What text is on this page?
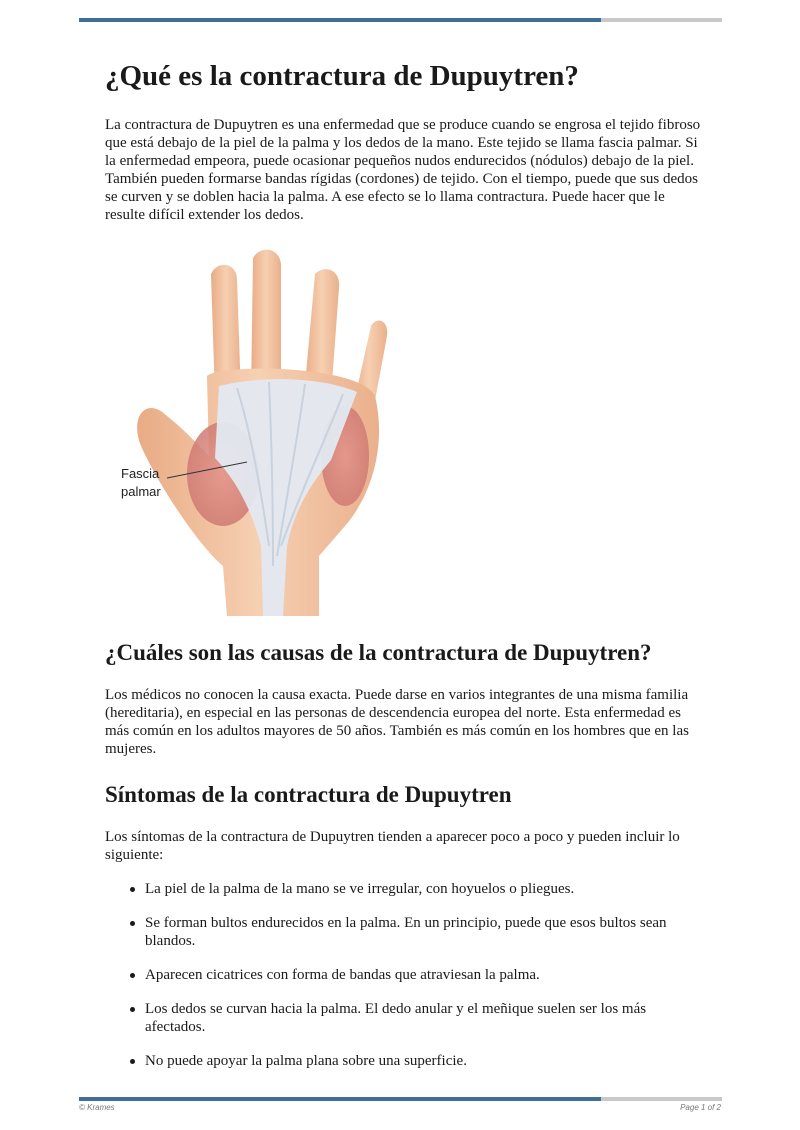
¿Qué es la contractura de Dupuytren?

La contractura de Dupuytren es una enfermedad que se produce cuando se engrosa el tejido fibroso que está debajo de la piel de la palma y los dedos de la mano. Este tejido se llama fascia palmar. Si la enfermedad empeora, puede ocasionar pequeños nudos endurecidos (nódulos) debajo de la piel. También pueden formarse bandas rígidas (cordones) de tejido. Con el tiempo, puede que sus dedos se curven y se doblen hacia la palma. A ese efecto se lo llama contractura. Puede hacer que le resulte difícil extender los dedos.

Fascia
palmar
¿Cuáles son las causas de la contractura de Dupuytren?

Los médicos no conocen la causa exacta. Puede darse en varios integrantes de una misma familia (hereditaria), en especial en las personas de descendencia europea del norte. Esta enfermedad es más común en los adultos mayores de 50 años. También es más común en los hombres que en las mujeres.

Síntomas de la contractura de Dupuytren

Los síntomas de la contractura de Dupuytren tienden a aparecer poco a poco y pueden incluir lo siguiente:

La piel de la palma de la mano se ve irregular, con hoyuelos o pliegues.
Se forman bultos endurecidos en la palma. En un principio, puede que esos bultos sean blandos.
Aparecen cicatrices con forma de bandas que atraviesan la palma.
Los dedos se curvan hacia la palma. El dedo anular y el meñique suelen ser los más afectados.
No puede apoyar la palma plana sobre una superficie.
© Krames	Page 1 of 2
